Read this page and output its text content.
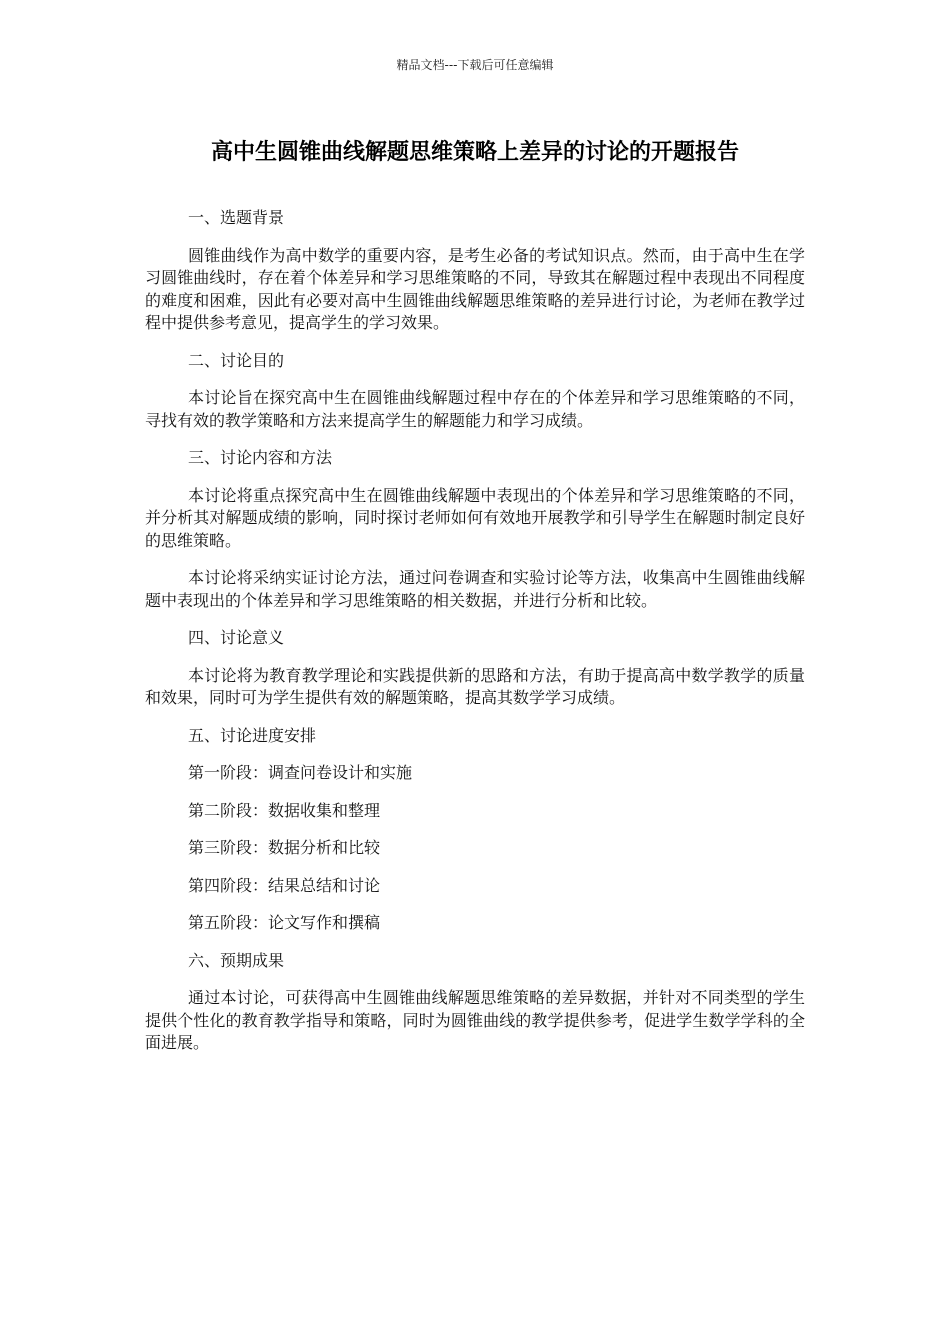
精品文档---下载后可任意编辑
高中生圆锥曲线解题思维策略上差异的讨论的开题报告

一、选题背景

圆锥曲线作为高中数学的重要内容，是考生必备的考试知识点。然而，由于高中生在学习圆锥曲线时，存在着个体差异和学习思维策略的不同，导致其在解题过程中表现出不同程度的难度和困难，因此有必要对高中生圆锥曲线解题思维策略的差异进行讨论，为老师在教学过程中提供参考意见，提高学生的学习效果。

二、讨论目的

本讨论旨在探究高中生在圆锥曲线解题过程中存在的个体差异和学习思维策略的不同，寻找有效的教学策略和方法来提高学生的解题能力和学习成绩。

三、讨论内容和方法

本讨论将重点探究高中生在圆锥曲线解题中表现出的个体差异和学习思维策略的不同，并分析其对解题成绩的影响，同时探讨老师如何有效地开展教学和引导学生在解题时制定良好的思维策略。

本讨论将采纳实证讨论方法，通过问卷调查和实验讨论等方法，收集高中生圆锥曲线解题中表现出的个体差异和学习思维策略的相关数据，并进行分析和比较。

四、讨论意义

本讨论将为教育教学理论和实践提供新的思路和方法，有助于提高高中数学教学的质量和效果，同时可为学生提供有效的解题策略，提高其数学学习成绩。

五、讨论进度安排

第一阶段：调查问卷设计和实施

第二阶段：数据收集和整理

第三阶段：数据分析和比较

第四阶段：结果总结和讨论

第五阶段：论文写作和撰稿

六、预期成果

通过本讨论，可获得高中生圆锥曲线解题思维策略的差异数据，并针对不同类型的学生提供个性化的教育教学指导和策略，同时为圆锥曲线的教学提供参考，促进学生数学学科的全面进展。
